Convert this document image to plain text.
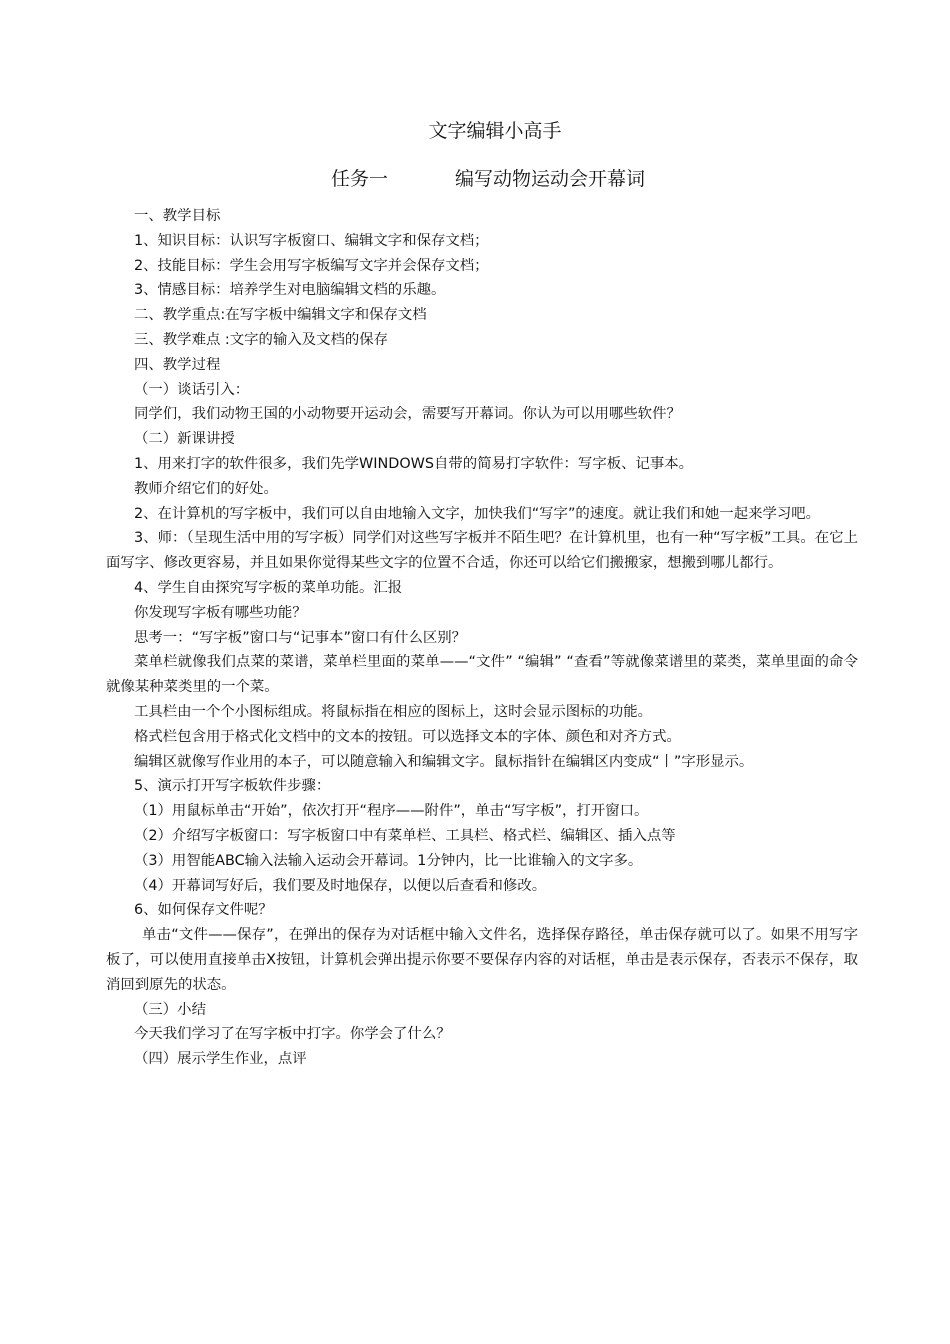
文字编辑小高手
任务一	编写动物运动会开幕词

一、教学目标

1、知识目标：认识写字板窗口、编辑文字和保存文档；

2、技能目标：学生会用写字板编写文字并会保存文档；

3、情感目标：培养学生对电脑编辑文档的乐趣。

二、教学重点:在写字板中编辑文字和保存文档

三、教学难点 :文字的输入及文档的保存

四、教学过程

（一）谈话引入：

同学们，我们动物王国的小动物要开运动会，需要写开幕词。你认为可以用哪些软件？

（二）新课讲授

1、用来打字的软件很多，我们先学WINDOWS自带的简易打字软件：写字板、记事本。

教师介绍它们的好处。

2、在计算机的写字板中，我们可以自由地输入文字，加快我们“写字”的速度。就让我们和她一起来学习吧。

3、师：（呈现生活中用的写字板）同学们对这些写字板并不陌生吧？在计算机里，也有一种“写字板”工具。在它上面写字、修改更容易，并且如果你觉得某些文字的位置不合适，你还可以给它们搬搬家，想搬到哪儿都行。

4、学生自由探究写字板的菜单功能。汇报

你发现写字板有哪些功能？

思考一：“写字板”窗口与“记事本”窗口有什么区别？

菜单栏就像我们点菜的菜谱，菜单栏里面的菜单——“文件” “编辑” “查看”等就像菜谱里的菜类，菜单里面的命令就像某种菜类里的一个菜。

工具栏由一个个小图标组成。将鼠标指在相应的图标上，这时会显示图标的功能。

格式栏包含用于格式化文档中的文本的按钮。可以选择文本的字体、颜色和对齐方式。

编辑区就像写作业用的本子，可以随意输入和编辑文字。鼠标指针在编辑区内变成“丨”字形显示。

5、演示打开写字板软件步骤：

（1）用鼠标单击“开始”，依次打开“程序——附件”，单击“写字板”，打开窗口。

（2）介绍写字板窗口：写字板窗口中有菜单栏、工具栏、格式栏、编辑区、插入点等

（3）用智能ABC输入法输入运动会开幕词。1分钟内，比一比谁输入的文字多。

（4）开幕词写好后，我们要及时地保存，以便以后查看和修改。

6、如何保存文件呢？

单击“文件——保存”，在弹出的保存为对话框中输入文件名，选择保存路径，单击保存就可以了。如果不用写字板了，可以使用直接单击X按钮，计算机会弹出提示你要不要保存内容的对话框，单击是表示保存，否表示不保存，取消回到原先的状态。

（三）小结

今天我们学习了在写字板中打字。你学会了什么？

（四）展示学生作业，点评
